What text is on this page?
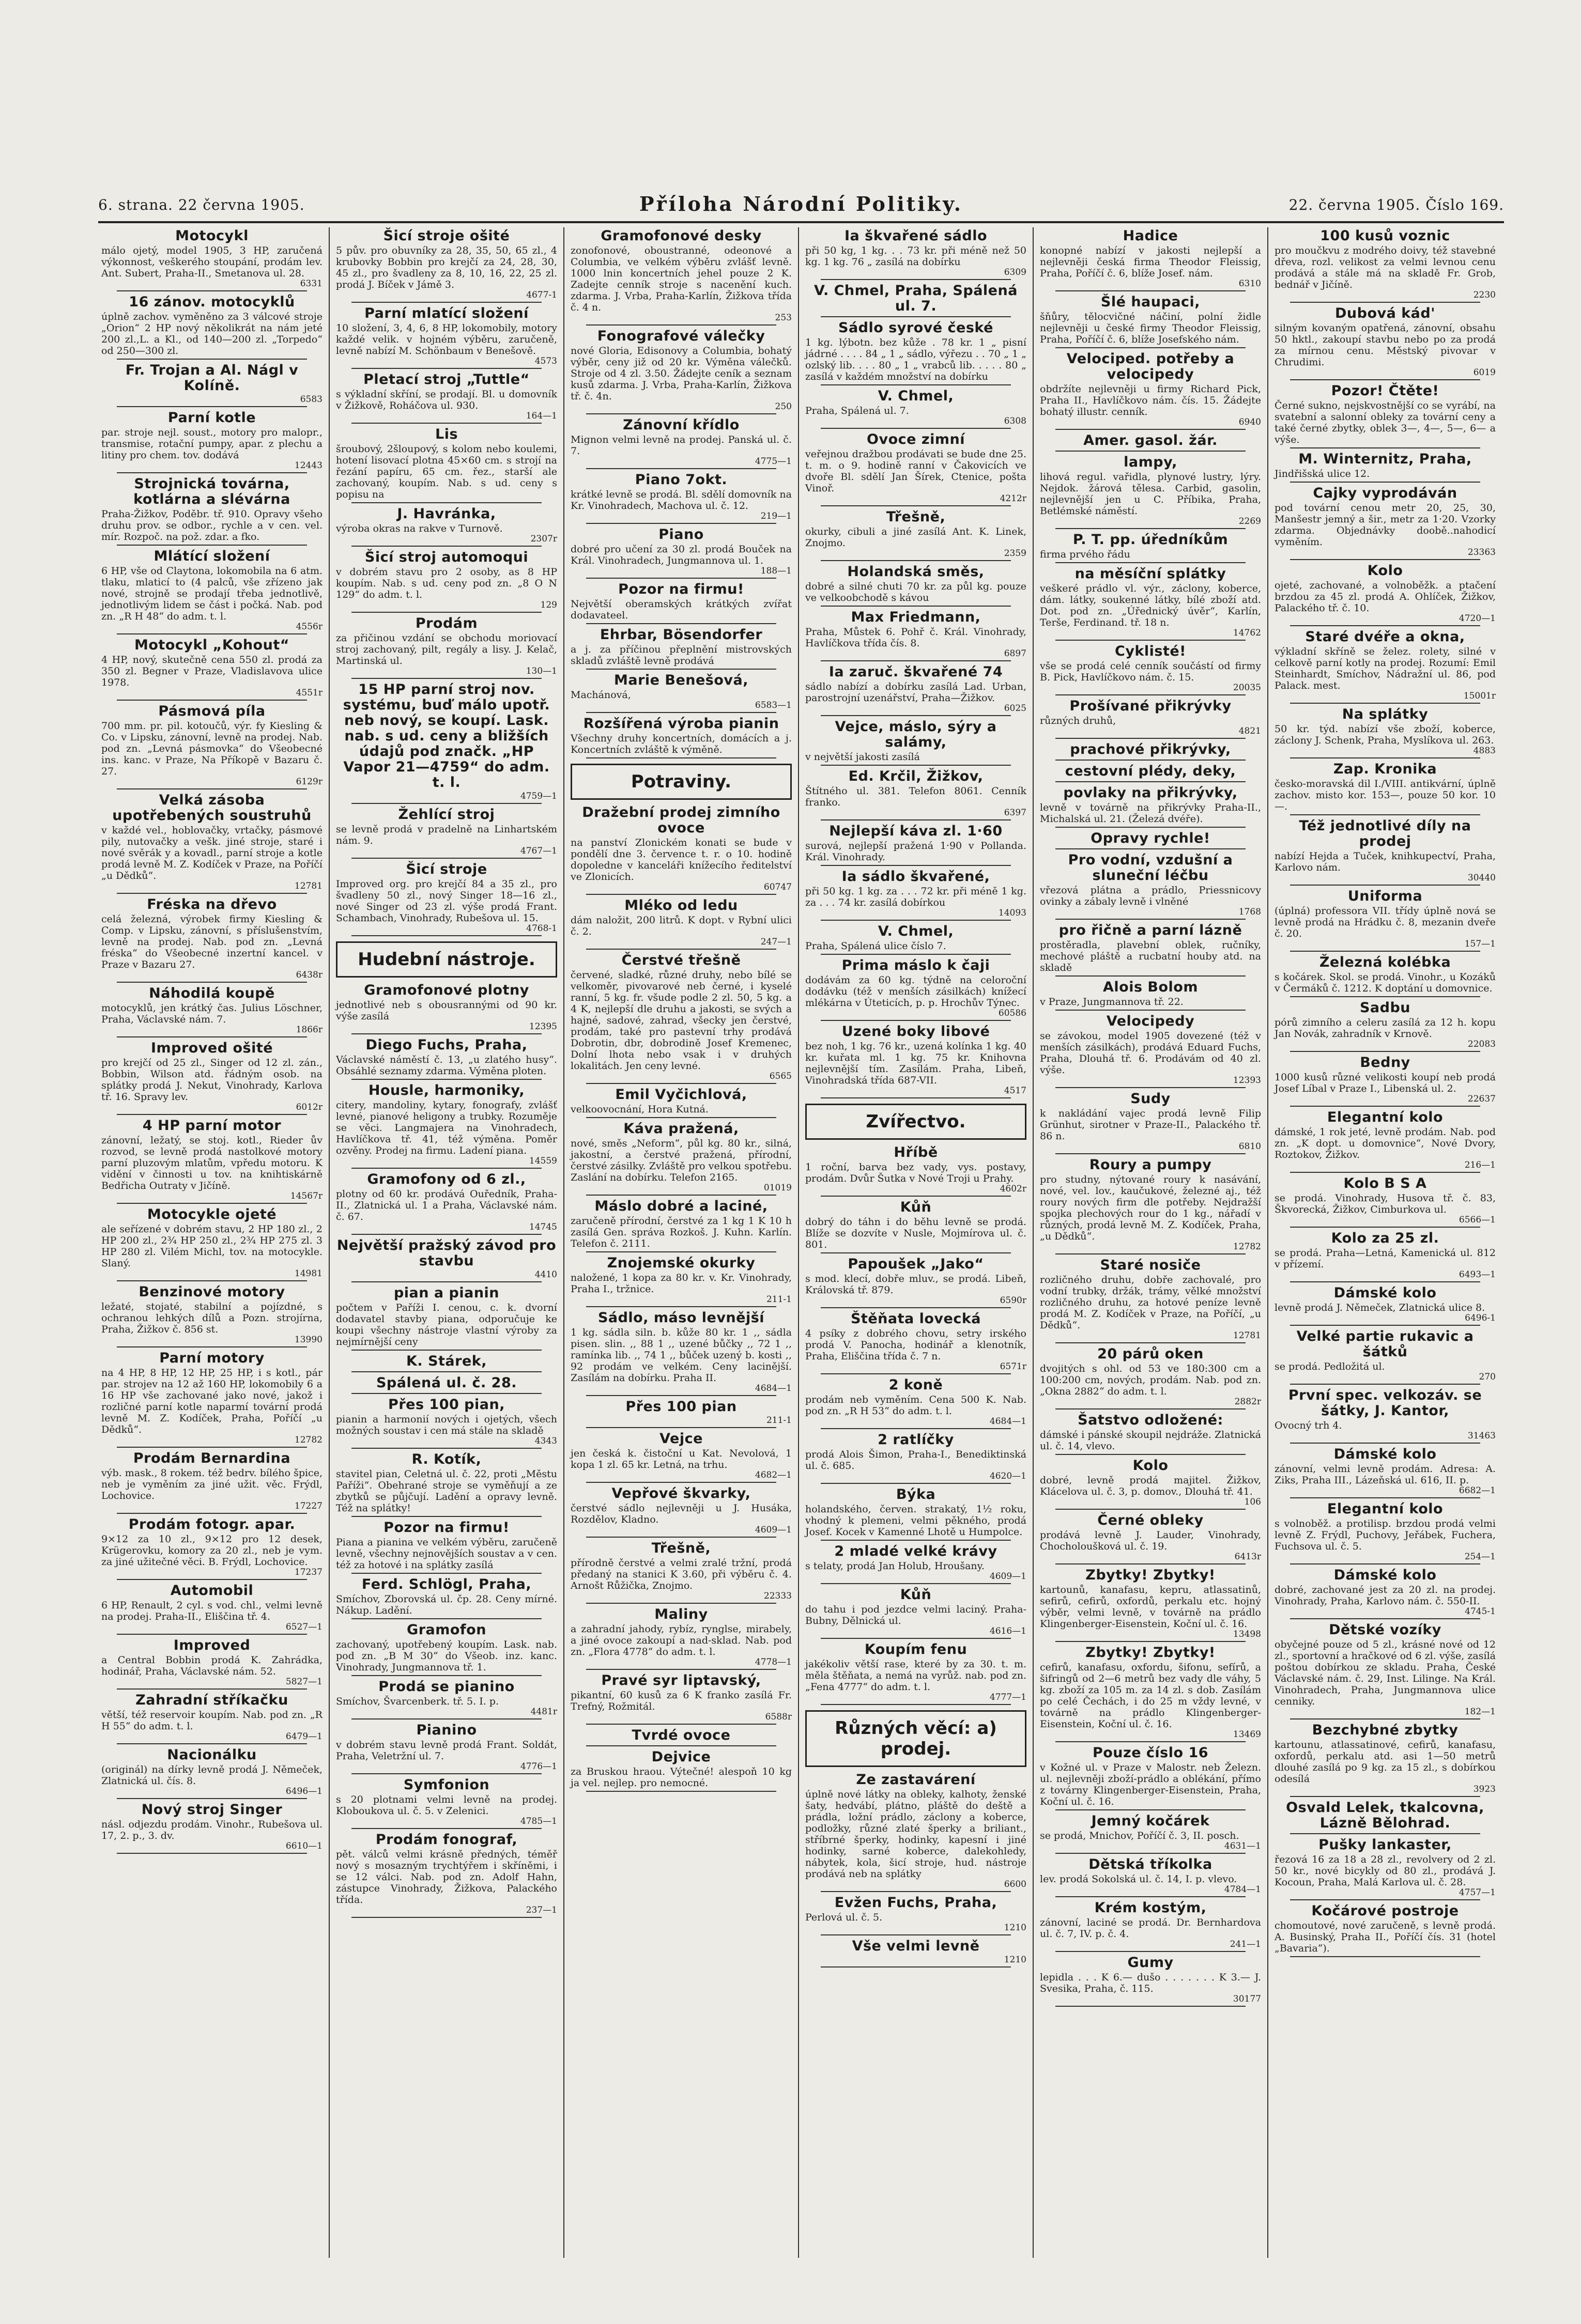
6. strana. 22 června 1905.	Příloha Národní Politiky.	22. června 1905. Číslo 169.
Motocykl

málo ojetý, model 1905, 3 HP, zaručená výkonnost, veškerého stoupání, prodám lev. Ant. Subert, Praha-II., Smetanova ul. 28.

6331

16 zánov. motocyklů

úplně zachov. vyměněno za 3 válcové stroje „Orion“ 2 HP nový několikrát na nám jeté 200 zl.,L. a Kl., od 140—200 zl. „Torpedo“ od 250—300 zl.

Fr. Trojan a Al. Nágl v Kolíně.

6583

Parní kotle

par. stroje nejl. soust., motory pro malopr., transmise, rotační pumpy, apar. z plechu a litiny pro chem. tov. dodává

12443

Strojnická továrna, kotlárna a slévárna

Praha-Žižkov, Poděbr. tř. 910. Opravy všeho druhu prov. se odbor., rychle a v cen. vel. mír. Rozpoč. na pož. zdar. a fko.

Mlátící složení

6 HP, vše od Claytona, lokomobila na 6 atm. tlaku, mlaticí to (4 palců, vše zřízeno jak nové, strojně se prodají třeba jednotlivě, jednotlivým lidem se část i počká. Nab. pod zn. „R H 48“ do adm. t. l.

4556r

Motocykl „Kohout“

4 HP, nový, skutečně cena 550 zl. prodá za 350 zl. Begner v Praze, Vladislavova ulice 1978.

4551r

Pásmová píla

700 mm. pr. pil. kotoučů, výr. fy Kiesling & Co. v Lipsku, zánovní, levně na prodej. Nab. pod zn. „Levná pásmovka“ do Všeobecné ins. kanc. v Praze, Na Příkopě v Bazaru č. 27.

6129r

Velká zásoba upotřebených soustruhů

v každé vel., hoblovačky, vrtačky, pásmové pily, nutovačky a vešk. jiné stroje, staré i nové svěrák y a kovadl., parní stroje a kotle prodá levně M. Z. Kodíček v Praze, na Poříčí „u Dědků“.

12781

Fréska na dřevo

celá železná, výrobek firmy Kiesling & Comp. v Lipsku, zánovní, s příslušenstvím, levně na prodej. Nab. pod zn. „Levná fréska“ do Všeobecné inzertní kancel. v Praze v Bazaru 27.

6438r

Náhodilá koupě

motocyklů, jen krátký čas. Julius Löschner, Praha, Václavské nám. 7.

1866r

Improved ošité

pro krejčí od 25 zl., Singer od 12 zl. zán., Bobbin, Wilson atd. řádným osob. na splátky prodá J. Nekut, Vinohrady, Karlova tř. 16. Spravy lev.

6012r

4 HP parní motor

zánovní, ležatý, se stoj. kotl., Rieder ův rozvod, se levně prodá nastolkové motory parní pluzovým mlatům, vpředu motoru. K vidění v činnosti u tov. na knihtiskárně Bedřicha Outraty v Jičíně.

14567r

Motocykle ojeté

ale seřízené v dobrém stavu, 2 HP 180 zl., 2 HP 200 zl., 2¾ HP 250 zl., 2¾ HP 275 zl. 3 HP 280 zl. Vilém Michl, tov. na motocykle. Slaný.

14981

Benzinové motory

ležaté, stojaté, stabilní a pojízdné, s ochranou lehkých dílů a Pozn. strojírna, Praha, Žižkov č. 856 st.

13990

Parní motory

na 4 HP, 8 HP, 12 HP, 25 HP, i s kotl., pár par. strojev na 12 až 160 HP, lokomobily 6 a 16 HP vše zachované jako nové, jakož i rozličné parní kotle naparmí tovární prodá levně M. Z. Kodíček, Praha, Poříčí „u Dědků“.

12782

Prodám Bernardina

výb. mask., 8 rokem. též bedrv. bílého špice, neb je vyměním za jiné užit. věc. Frýdl, Lochovice.

17227

Prodám fotogr. apar.

9×12 za 10 zl., 9×12 pro 12 desek, Krügerovku, komory za 20 zl., neb je vym. za jiné užitečné věci. B. Frýdl, Lochovice.

17237

Automobil

6 HP, Renault, 2 cyl. s vod. chl., velmi levně na prodej. Praha-II., Eliščina tř. 4.

6527—1

Improved

a Central Bobbin prodá K. Zahrádka, hodinář, Praha, Václavské nám. 52.

5827—1

Zahradní stříkačku

větší, též reservoir koupím. Nab. pod zn. „R H 55“ do adm. t. l.

6479—1

Nacionálku

(originál) na dírky levně prodá J. Němeček, Zlatnická ul. čís. 8.

6496—1

Nový stroj Singer

násl. odjezdu prodám. Vinohr., Rubešova ul. 17, 2. p., 3. dv.

6610—1

Šicí stroje ošité

5 pův. pro obuvníky za 28, 35, 50, 65 zl., 4 krubovky Bobbin pro krejčí za 24, 28, 30, 45 zl., pro švadleny za 8, 10, 16, 22, 25 zl. prodá J. Bíček v Jámě 3.

4677-1

Parní mlatící složení

10 složení, 3, 4, 6, 8 HP, lokomobily, motory každé velik. v hojném výběru, zaručeně, levně nabízí M. Schönbaum v Benešově.

4573

Pletací stroj „Tuttle“

s výkladní skříní, se prodají. Bl. u domovník v Žižkově, Roháčova ul. 930.

164—1

Lis

šroubový, 2šloupový, s kolom nebo koulemi, hotení lisovací plotna 45×60 cm. s strojí na řezání papíru, 65 cm. řez., starší ale zachovaný, koupím. Nab. s ud. ceny s popisu na

J. Havránka,

výroba okras na rakve v Turnově.

2307r

Šicí stroj automoqui

v dobrém stavu pro 2 osoby, as 8 HP koupím. Nab. s ud. ceny pod zn. „8 O N 129“ do adm. t. l.

129

Prodám

za přičinou vzdání se obchodu moriovací stroj zachovaný, pilt, regály a lisy. J. Kelač, Martinská ul.

130—1

15 HP parní stroj nov. systému, buď málo upotř. neb nový, se koupí. Lask. nab. s ud. ceny a bližších údajů pod značk. „HP Vapor 21—4759“ do adm. t. l.

4759—1

Žehlící stroj

se levně prodá v pradelně na Linhartském nám. 9.

4767—1

Šicí stroje

Improved org. pro krejčí 84 a 35 zl., pro švadleny 50 zl., nový Singer 18—16 zl., nové Singer od 23 zl. výše prodá Frant. Schambach, Vinohrady, Rubešova ul. 15.

4768-1

Hudební nástroje.
Gramofonové plotny

jednotlivé neb s obousrannými od 90 kr. výše zasílá

12395

Diego Fuchs, Praha,

Václavské náměstí č. 13, „u zlatého husy“. Obsáhlé seznamy zdarma. Výměna ploten.

Housle, harmoniky,

citery, mandoliny, kytary, fonografy, zvlášť levné, pianové heligony a trubky. Rozuměje se věci. Langmajera na Vinohradech, Havlíčkova tř. 41, též výměna. Poměr ozvěny. Prodej na firmu. Ladení piana.

14559

Gramofony od 6 zl.,

plotny od 60 kr. prodává Ouředník, Praha-II., Zlatnická ul. 1 a Praha, Václavské nám. č. 67.

14745

Největší pražský závod pro stavbu

4410

pian a pianin

počtem v Paříži I. cenou, c. k. dvorní dodavatel stavby piana, odporučuje ke koupi všechny nástroje vlastní výroby za nejmírnější ceny

K. Stárek,
Spálená ul. č. 28.
Přes 100 pian,

pianin a harmonií nových i ojetých, všech možných soustav i cen má stále na skladě

4343

R. Kotík,

stavitel pian, Celetná ul. č. 22, proti „Městu Paříži“. Obehrané stroje se vyměňují a ze zbytků se půjčují. Ladění a opravy levně. Též na splátky!

Pozor na firmu!

Piana a pianina ve velkém výběru, zaručeně levně, všechny nejnovějších soustav a v cen. též za hotové i na splátky zasílá

Ferd. Schlögl, Praha,

Smíchov, Zborovská ul. čp. 28. Ceny mírné. Nákup. Ladění.

Gramofon

zachovaný, upotřebený koupím. Lask. nab. pod zn. „B M 30“ do Všeob. inz. kanc. Vinohrady, Jungmannova tř. 1.

Prodá se pianino

Smíchov, Švarcenberk. tř. 5. I. p.

4481r

Pianino

v dobrém stavu levně prodá Frant. Soldát, Praha, Veletržní ul. 7.

4776—1

Symfonion

s 20 plotnami velmi levně na prodej. Kloboukova ul. č. 5. v Zelenici.

4785—1

Prodám fonograf,

pět. válců velmi krásně předných, téměř nový s mosazným trychtýřem i skříněmi, i se 12 válci. Nab. pod zn. Adolf Hahn, zástupce Vinohrady, Žižkova, Palackého třída.

237—1

Gramofonové desky

zonofonové, oboustranné, odeonové a Columbia, ve velkém výběru zvlášť levně. 1000 lnin koncertních jehel pouze 2 K. Zadejte cenník stroje s nacenění kuch. zdarma. J. Vrba, Praha-Karlín, Žižkova třída č. 4 n.

253

Fonografové válečky

nové Gloria, Edisonovy a Columbia, bohatý výběr, ceny již od 20 kr. Výměna válečků. Stroje od 4 zl. 3.50. Žádejte ceník a seznam kusů zdarma. J. Vrba, Praha-Karlín, Žižkova tř. č. 4n.

250

Zánovní křídlo

Mignon velmi levně na prodej. Panská ul. č. 7.

4775—1

Piano 7okt.

krátké levně se prodá. Bl. sdělí domovník na Kr. Vinohradech, Machova ul. č. 12.

219—1

Piano

dobré pro učení za 30 zl. prodá Bouček na Král. Vinohradech, Jungmannova ul. 1.

188—1

Pozor na firmu!

Největší oberamských krátkých zvířat dodavateel.

Ehrbar, Bösendorfer

a j. za příčinou přeplnění mistrovských skladů zvláště levně prodává

Marie Benešová,

Machánová,

6583—1

Rozšířená výroba pianin

Všechny druhy koncertních, domácích a j. Koncertních zvláště k výměně.

Potraviny.
Dražební prodej zimního ovoce

na panství Zlonickém konati se bude v pondělí dne 3. července t. r. o 10. hodině dopoledne v kanceláři knížecího ředitelství ve Zlonicích.

60747

Mléko od ledu

dám naložit, 200 litrů. K dopt. v Rybní ulici č. 2.

247—1

Čerstvé třešně

červené, sladké, různé druhy, nebo bílé se velkoměr, pivovarové neb černé, i kyselé ranní, 5 kg. fr. všude podle 2 zl. 50, 5 kg. a 4 K, nejlepší dle druhu a jakosti, se svých a hajné, sadové, zahrad, všecky jen čerstvé, prodám, také pro pastevní trhy prodává Dobrotin, dbr, dobrodině Josef Kremenec, Dolní lhota nebo vsak i v druhých lokalitách. Jen ceny levné.

6565

Emil Vyčichlová,

velkoovocnání, Hora Kutná.

Káva pražená,

nové, směs „Neform“, půl kg. 80 kr., silná, jakostní, a čerstvé pražená, přírodní, čerstvé zásilky. Zvláště pro velkou spotřebu. Zaslání na dobírku. Telefon 2165.

01019

Máslo dobré a laciné,

zaručeně přírodní, čerstvé za 1 kg 1 K 10 h zasílá Gen. správa Rozkoš. J. Kuhn. Karlín. Telefon č. 2111.

Znojemské okurky

naložené, 1 kopa za 80 kr. v. Kr. Vinohrady, Praha I., tržnice.

211-1

Sádlo, máso levnější

1 kg. sádla siln. b. kůže 80 kr. 1 ,, sádla pisen. slin. ,, 88 1 ,, uzené bůčky ,, 72 1 ,, ramínka lib. ,, 74 1 ,, bůček uzený b. kosti ,, 92 prodám ve velkém. Ceny lacinější. Zasílám na dobírku. Praha II.

4684—1

Přes 100 pian

211-1

Vejce

jen česká k. čistoční u Kat. Nevolová, 1 kopa 1 zl. 65 kr. Letná, na trhu.

4682—1

Vepřové škvarky,

čerstvé sádlo nejlevněji u J. Husáka, Rozdělov, Kladno.

4609—1

Třešně,

přírodně čerstvé a velmi zralé tržní, prodá předaný na stanici K 3.60, při výběru č. 4. Arnošt Růžička, Znojmo.

22333

Maliny

a zahradní jahody, rybíz, rynglse, mirabely, a jiné ovoce zakoupí a nad-sklad. Nab. pod zn. „Flora 4778“ do adm. t. l.

4778—1

Pravé syr liptavský,

pikantní, 60 kusů za 6 K franko zasílá Fr. Trefný, Rožmitál.

6588r

Tvrdé ovoce
Dejvice

za Bruskou hraou. Výtečné! alespoň 10 kg ja vel. nejlep. pro nemocné.

Ia škvařené sádlo

při 50 kg, 1 kg. . . 73 kr. při méně než 50 kg. 1 kg. 76 „ zasílá na dobírku

6309

V. Chmel, Praha, Spálená ul. 7.
Sádlo syrové české

1 kg. lýbotn. bez kůže . 78 kr. 1 „ pisní jádrné . . . . 84 „ 1 „ sádlo, výřezu . . 70 „ 1 „ ozlský lib. . . . 80 „ 1 „ vrabců lib. . . . . 80 „ zasílá v každém množství na dobírku

V. Chmel,

Praha, Spálená ul. 7.

6308

Ovoce zimní

veřejnou dražbou prodávati se bude dne 25. t. m. o 9. hodině ranní v Čakovicích ve dvoře Bl. sdělí Jan Šírek, Ctenice, pošta Vinoř.

4212r

Třešně,

okurky, cibuli a jiné zasílá Ant. K. Linek, Znojmo.

2359

Holandská směs,

dobré a silné chuti 70 kr. za půl kg. pouze ve velkoobchodě s kávou

Max Friedmann,

Praha, Můstek 6. Pohř č. Král. Vinohrady, Havlíčkova třída čís. 8.

6897

Ia zaruč. škvařené 74

sádlo nabízí a dobírku zasílá Lad. Urban, parostrojní uzenářství, Praha—Žižkov.

6025

Vejce, máslo, sýry a salámy,

v největší jakosti zasílá

Ed. Krčil, Žižkov,

Štítného ul. 381. Telefon 8061. Cenník franko.

6397

Nejlepší káva zl. 1·60

surová, nejlepší pražená 1·90 v Pollanda. Král. Vinohrady.

Ia sádlo škvařené,

při 50 kg. 1 kg. za . . . 72 kr. při méně 1 kg. za . . . 74 kr. zasílá dobírkou

14093

V. Chmel,

Praha, Spálená ulice číslo 7.

Prima máslo k čaji

dodávám za 60 kg. týdně na celoroční dodávku (též v menších zásilkách) knížecí mlékárna v Úteticích, p. p. Hrochův Týnec.

60586

Uzené boky libové

bez noh, 1 kg. 76 kr., uzená kolínka 1 kg. 40 kr. kuřata ml. 1 kg. 75 kr. Knihovna nejlevnější tím. Zasílám. Praha, Libeň, Vinohradská třída 687-VII.

4517

Zvířectvo.
Hříbě

1 roční, barva bez vady, vys. postavy, prodám. Dvůr Šutka v Nové Troji u Prahy.

4602r

Kůň

dobrý do táhn i do běhu levně se prodá. Blíže se dozvíte v Nusle, Mojmírova ul. č. 801.

Papoušek „Jako“

s mod. klecí, dobře mluv., se prodá. Libeň, Královská tř. 879.

6590r

Štěňata lovecká

4 psíky z dobrého chovu, setry irského prodá V. Panocha, hodinář a klenotník, Praha, Eliščina třída č. 7 n.

6571r

2 koně

prodám neb vyměním. Cena 500 K. Nab. pod zn. „R H 53“ do adm. t. l.

4684—1

2 ratlíčky

prodá Alois Šimon, Praha-I., Benediktinská ul. č. 685.

4620—1

Býka

holandského, červen. strakatý, 1½ roku, vhodný k plemeni, velmi pěkného, prodá Josef. Kocek v Kamenné Lhotě u Humpolce.

2 mladé velké krávy

s telaty, prodá Jan Holub, Hroušany.

4609—1

Kůň

do tahu i pod jezdce velmi laciný. Praha-Bubny, Dělnická ul.

4616—1

Koupím fenu

jakékoliv větší rase, které by za 30. t. m. měla štěňata, a nemá na vyrůž. nab. pod zn. „Fena 4777“ do adm. t. l.

4777—1

Různých věcí: a) prodej.
Ze zastavárení

úplně nové látky na obleky, kalhoty, ženské šaty, hedvábí, plátno, pláště do deště a prádla, ložní prádlo, záclony a koberce, podložky, různé zlaté šperky a briliant., stříbrné šperky, hodinky, kapesní i jiné hodinky, sarné koberce, dalekohledy, nábytek, kola, šicí stroje, hud. nástroje prodává neb na splátky

6600

Evžen Fuchs, Praha,

Perlová ul. č. 5.

1210

Vše velmi levně

1210

Hadice

konopné nabízí v jakosti nejlepší a nejlevněji česká firma Theodor Fleissig, Praha, Poříčí č. 6, blíže Josef. nám.

6310

Šlé haupaci,

šňůry, tělocvičné náčiní, polní židle nejlevněji u české firmy Theodor Fleissig, Praha, Poříčí č. 6, blíže Josefského nám.

Velociped. potřeby a velocipedy

obdržíte nejlevněji u firmy Richard Pick, Praha II., Havlíčkovo nám. čís. 15. Žádejte bohatý illustr. cenník.

6940

Amer. gasol. žár.
lampy,

lihová regul. vařidla, plynové lustry, lýry. Nejdok. žárová tělesa. Carbid, gasolin, nejlevnější jen u C. Příbika, Praha, Betlémské náměstí.

2269

P. T. pp. úředníkům

firma prvého řádu

na měsíční splátky

veškeré prádlo vl. výr., záclony, koberce, dám. látky, soukenné látky, bílé zboží atd. Dot. pod zn. „Úřednický úvěr“, Karlín, Terše, Ferdinand. tř. 18 n.

14762

Cyklisté!

vše se prodá celé cenník součástí od firmy B. Pick, Havlíčkovo nám. č. 15.

20035

Prošívané přikrývky

různých druhů,

4821

prachové přikrývky,
cestovní plédy, deky,
povlaky na přikrývky,

levně v továrně na přikrývky Praha-II., Michalská ul. 21. (Železá dvéře).

Opravy rychle!
Pro vodní, vzdušní a sluneční léčbu

vřezová plátna a prádlo, Priessnicovy ovinky a zábaly levně i vlněné

1768

pro řičně a parní lázně

prostěradla, plavební oblek, ručníky, mechové pláště a rucbatní houby atd. na skladě

Alois Bolom

v Praze, Jungmannova tř. 22.

Velocipedy

se závokou, model 1905 dovezené (též v menších zásilkách), prodává Eduard Fuchs, Praha, Dlouhá tř. 6. Prodávám od 40 zl. výše.

12393

Sudy

k nakládání vajec prodá levně Filip Grünhut, sirotner v Praze-II., Palackého tř. 86 n.

6810

Roury a pumpy

pro studny, nýtované roury k nasávání, nové, vel. lov., kaučukové, železné aj., též roury nových firm dle potřeby. Nejdražší spojka plechových rour do 1 kg., nářadí v různých, prodá levně M. Z. Kodíček, Praha, „u Dědků“.

12782

Staré nosiče

rozličného druhu, dobře zachovalé, pro vodní trubky, držák, trámy, vělké množství rozličného druhu, za hotové peníze levně prodá M. Z. Kodíček v Praze, na Poříčí, „u Dědků“.

12781

20 párů oken

dvojitých s ohl. od 53 ve 180:300 cm a 100:200 cm, nových, prodám. Nab. pod zn. „Okna 2882“ do adm. t. l.

2882r

Šatstvo odložené:

dámské i pánské skoupil nejdráže. Zlatnická ul. č. 14, vlevo.

Kolo

dobré, levně prodá majitel. Žižkov, Klácelova ul. č. 3, p. domov., Dlouhá tř. 41.

106

Černé obleky

prodává levně J. Lauder, Vinohrady, Chocholoušková ul. č. 19.

6413r

Zbytky! Zbytky!

kartounů, kanafasu, kepru, atlassatinů, sefirů, cefirů, oxfordů, perkalu etc. hojný výběr, velmi levně, v továrně na prádlo Klingenberger-Eisenstein, Koční ul. č. 16.

13498

Zbytky! Zbytky!

cefirů, kanafasu, oxfordu, šifonu, sefírů, a šifringů od 2—6 metrů bez vady dle váhy, 5 kg. zboží za 105 m. za 14 zl. s dob. Zasílám po celé Čechách, i do 25 m vždy levné, v továrně na prádlo Klingenberger-Eisenstein, Koční ul. č. 16.

13469

Pouze číslo 16

v Kožné ul. v Praze v Malostr. neb Železn. ul. nejlevněji zboží-prádlo a oblékání, přímo z továrny Klingenberger-Eisenstein, Praha, Koční ul. č. 16.

Jemný kočárek

se prodá, Mnichov, Poříčí č. 3, II. posch.

4631—1

Dětská tříkolka

lev. prodá Sokolská ul. č. 14, I. p. vlevo.

4784—1

Krém kostým,

zánovní, laciné se prodá. Dr. Bernhardova ul. č. 7, IV. p. č. 4.

241—1

Gumy

lepidla . . . K 6.— dušo . . . . . . . K 3.— J. Svesika, Praha, č. 115.

30177

100 kusů voznic

pro moučkvu z modrého doivy, též stavebné dřeva, rozl. velikost za velmi levnou cenu prodává a stále má na skladě Fr. Grob, bednář v Jičíně.

2230

Dubová kád'

silným kovaným opatřená, zánovní, obsahu 50 hktl., zakoupí stavbu nebo po za prodá za mírnou cenu. Městský pivovar v Chrudimi.

6019

Pozor! Čtěte!

Černé sukno, nejskvostnější co se vyrábí, na svatební a salonní obleky za tovární ceny a také černé zbytky, oblek 3—, 4—, 5—, 6— a výše.

M. Winternitz, Praha,

Jindřišská ulice 12.

Cajky vyprodáván

pod tovární cenou metr 20, 25, 30, Manšestr jemný a šir., metr za 1·20. Vzorky zdarma. Objednávky doobě..nahodicí vyměním.

23363

Kolo

ojeté, zachované, a volnoběžk. a ptačení brzdou za 45 zl. prodá A. Ohlíček, Žižkov, Palackého tř. č. 10.

4720—1

Staré dvéře a okna,

výkladní skříně se želez. rolety, silné v celkově parní kotly na prodej. Rozumí: Emil Steinhardt, Smíchov, Nádražní ul. 86, pod Palack. mest.

15001r

Na splátky

50 kr. týd. nabízí vše zboží, koberce, záclony J. Schenk, Praha, Myslíkova ul. 263.

4883

Zap. Kronika

česko-moravská dil I./VIII. antikvární, úplně zachov. misto kor. 153—, pouze 50 kor. 10—.

Též jednotlivé díly na prodej

nabízí Hejda a Tuček, knihkupectví, Praha, Karlovo nám.

30440

Uniforma

(úplná) professora VII. třídy úplně nová se levně prodá na Hrádku č. 8, mezanin dveře č. 20.

157—1

Železná kolébka

s kočárek. Skol. se prodá. Vinohr., u Kozáků v Čermáků č. 1212. K doptání u domovnice.

Sadbu

pórů zimního a celeru zasílá za 12 h. kopu Jan Novák, zahradník v Krnově.

22083

Bedny

1000 kusů různé velikosti koupí neb prodá Josef Líbal v Praze I., Libenská ul. 2.

22637

Elegantní kolo

dámské, 1 rok jeté, levně prodám. Nab. pod zn. „K dopt. u domovnice“, Nové Dvory, Roztokov, Žižkov.

216—1

Kolo B S A

se prodá. Vinohrady, Husova tř. č. 83, Škvorecká, Žižkov, Cimburkova ul.

6566—1

Kolo za 25 zl.

se prodá. Praha—Letná, Kamenická ul. 812 v přízemí.

6493—1

Dámské kolo

levně prodá J. Němeček, Zlatnická ulice 8.

6496-1

Velké partie rukavic a šátků

se prodá. Pedložitá ul.

270

První spec. velkozáv. se šátky, J. Kantor,

Ovocný trh 4.

31463

Dámské kolo

zánovní, velmi levně prodám. Adresa: A. Ziks, Praha III., Lázeňská ul. 616, II. p.

6682—1

Elegantní kolo

s volnoběž. a protilisp. brzdou prodá velmi levně Z. Frýdl, Puchovy, Jeřábek, Fuchera, Fuchsova ul. č. 5.

254—1

Dámské kolo

dobré, zachované jest za 20 zl. na prodej. Vinohrady, Praha, Karlovo nám. č. 550-II.

4745-1

Dětské vozíky

obyčejné pouze od 5 zl., krásné nové od 12 zl., sportovní a hračkové od 6 zl. výše, zasílá poštou dobírkou ze skladu. Praha, České Václavské nám. č. 29, Inst. Lilinge. Na Král. Vinohradech, Praha, Jungmannova ulice cenniky.

182—1

Bezchybné zbytky

kartounu, atlassatinové, cefirů, kanafasu, oxfordů, perkalu atd. asi 1—50 metrů dlouhé zasílá po 9 kg. za 15 zl., s dobírkou odesílá

3923

Osvald Lelek, tkalcovna, Lázně Bělohrad.
Pušky lankaster,

řezová 16 za 18 a 28 zl., revolvery od 2 zl. 50 kr., nové bicykly od 80 zl., prodává J. Kocoun, Praha, Malá Karlova ul. č. 28.

4757—1

Kočárové postroje

chomoutové, nové zaručeně, s levně prodá. A. Businský, Praha II., Poříčí čís. 31 (hotel „Bavaria“).
